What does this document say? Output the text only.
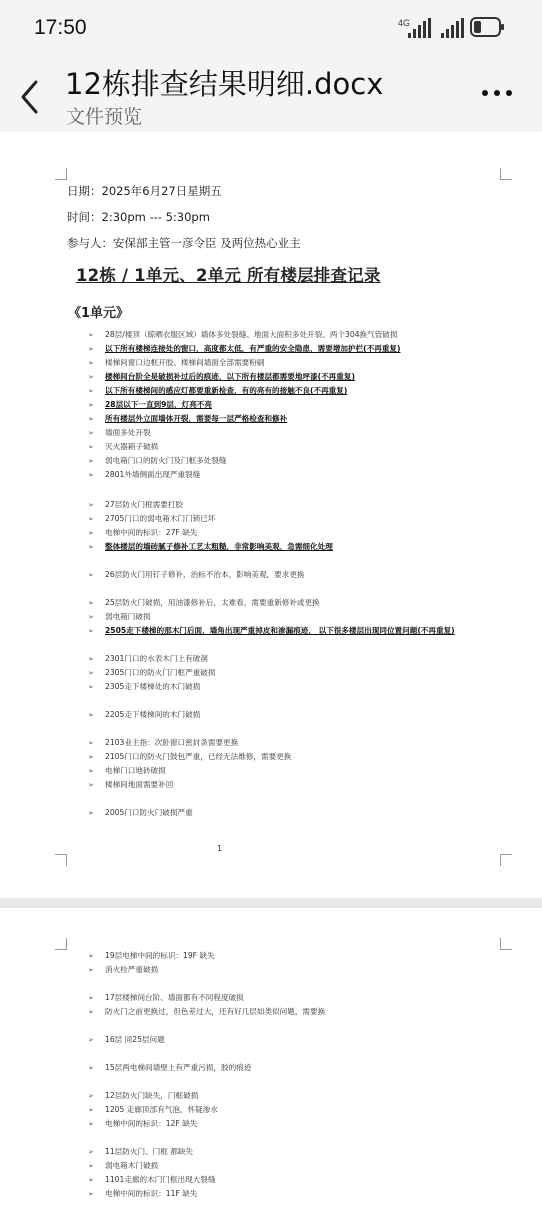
17:50	4G
12栋排查结果明细.docx
文件预览
日期：2025年6月27日星期五
时间：2:30pm --- 5:30pm
参与人：安保部主管一彦令臣 及两位热心业主
12栋 / 1单元、2单元 所有楼层排查记录
《1单元》
➢ 28层/楼顶（晾晒衣服区域）墙体多处裂缝、地面大面积多处开裂、两个304换气管破损
➢ 以下所有楼梯连接处的窗口，高度都太低，有严重的安全隐患，需要增加护栏(不再重复)
➢ 楼梯间窗口边框开胶、楼梯间墙面全部需要粉刷
➢ 楼梯间台阶全是破损补过后的痕迹，以下所有楼层都需要地坪漆(不再重复)
➢ 以下所有楼梯间的感应灯都要重新检查，有的亮有的接触不良(不再重复)
➢ 28层以下一直到9层，灯亮不亮
➢ 所有楼层外立面墙体开裂，需要每一层严格检查和修补
➢ 墙面多处开裂
➢ 灭火器箱子破损
➢ 弱电箱门口的防火门及门框多处裂缝
➢ 2801外墙侧面出现严重裂缝
➢ 27层防火门框需要打胶
➢ 2705门口的弱电箱木门门锁已坏
➢ 电梯中间的标识：27F 缺失
➢ 整体楼层的墙砖腻子修补工艺太粗糙，非常影响美观，急需细化处理
➢ 26层防火门用钉子修补，治标不治本，影响美观，要求更换
➢ 25层防火门破损，用油漆修补后，太难看，需要重新修补或更换
➢ 弱电箱门破损
➢ 2505走下楼梯的那木门后面，墙角出现严重掉皮和渗漏痕迹， 以下很多楼层出现同位置问题(不再重复)
➢ 2301门口的水表木门上有破洞
➢ 2305门口的防火门门框严重破损
➢ 2305走下楼梯处的木门破损
➢ 2205走下楼梯间的木门破损
➢ 2103业主指：次卧窗口密封条需要更换
➢ 2105门口的防火门鼓包严重，已经无法维修，需要更换
➢ 电梯门口地砖破损
➢ 楼梯间地面需要补回
➢ 2005门口防火门破损严重
1
➢ 19层电梯中间的标识：19F 缺失
➢ 消火栓严重破损
➢ 17层楼梯间台阶、墙面都有不同程度破损
➢ 防火门之前更换过，但色差过大，还有好几层如类似问题，需要换
➢ 16层 同25层问题
➢ 15层两电梯间墙壁上有严重污损，胶的痕迹
➢ 12层防火门缺失，门框破损
➢ 1205 走廊顶部有气泡，怀疑渗水
➢ 电梯中间的标识：12F 缺失
➢ 11层防火门、门框 都缺失
➢ 弱电箱木门破损
➢ 1101走廊的木门门框出现大裂缝
➢ 电梯中间的标识：11F 缺失
